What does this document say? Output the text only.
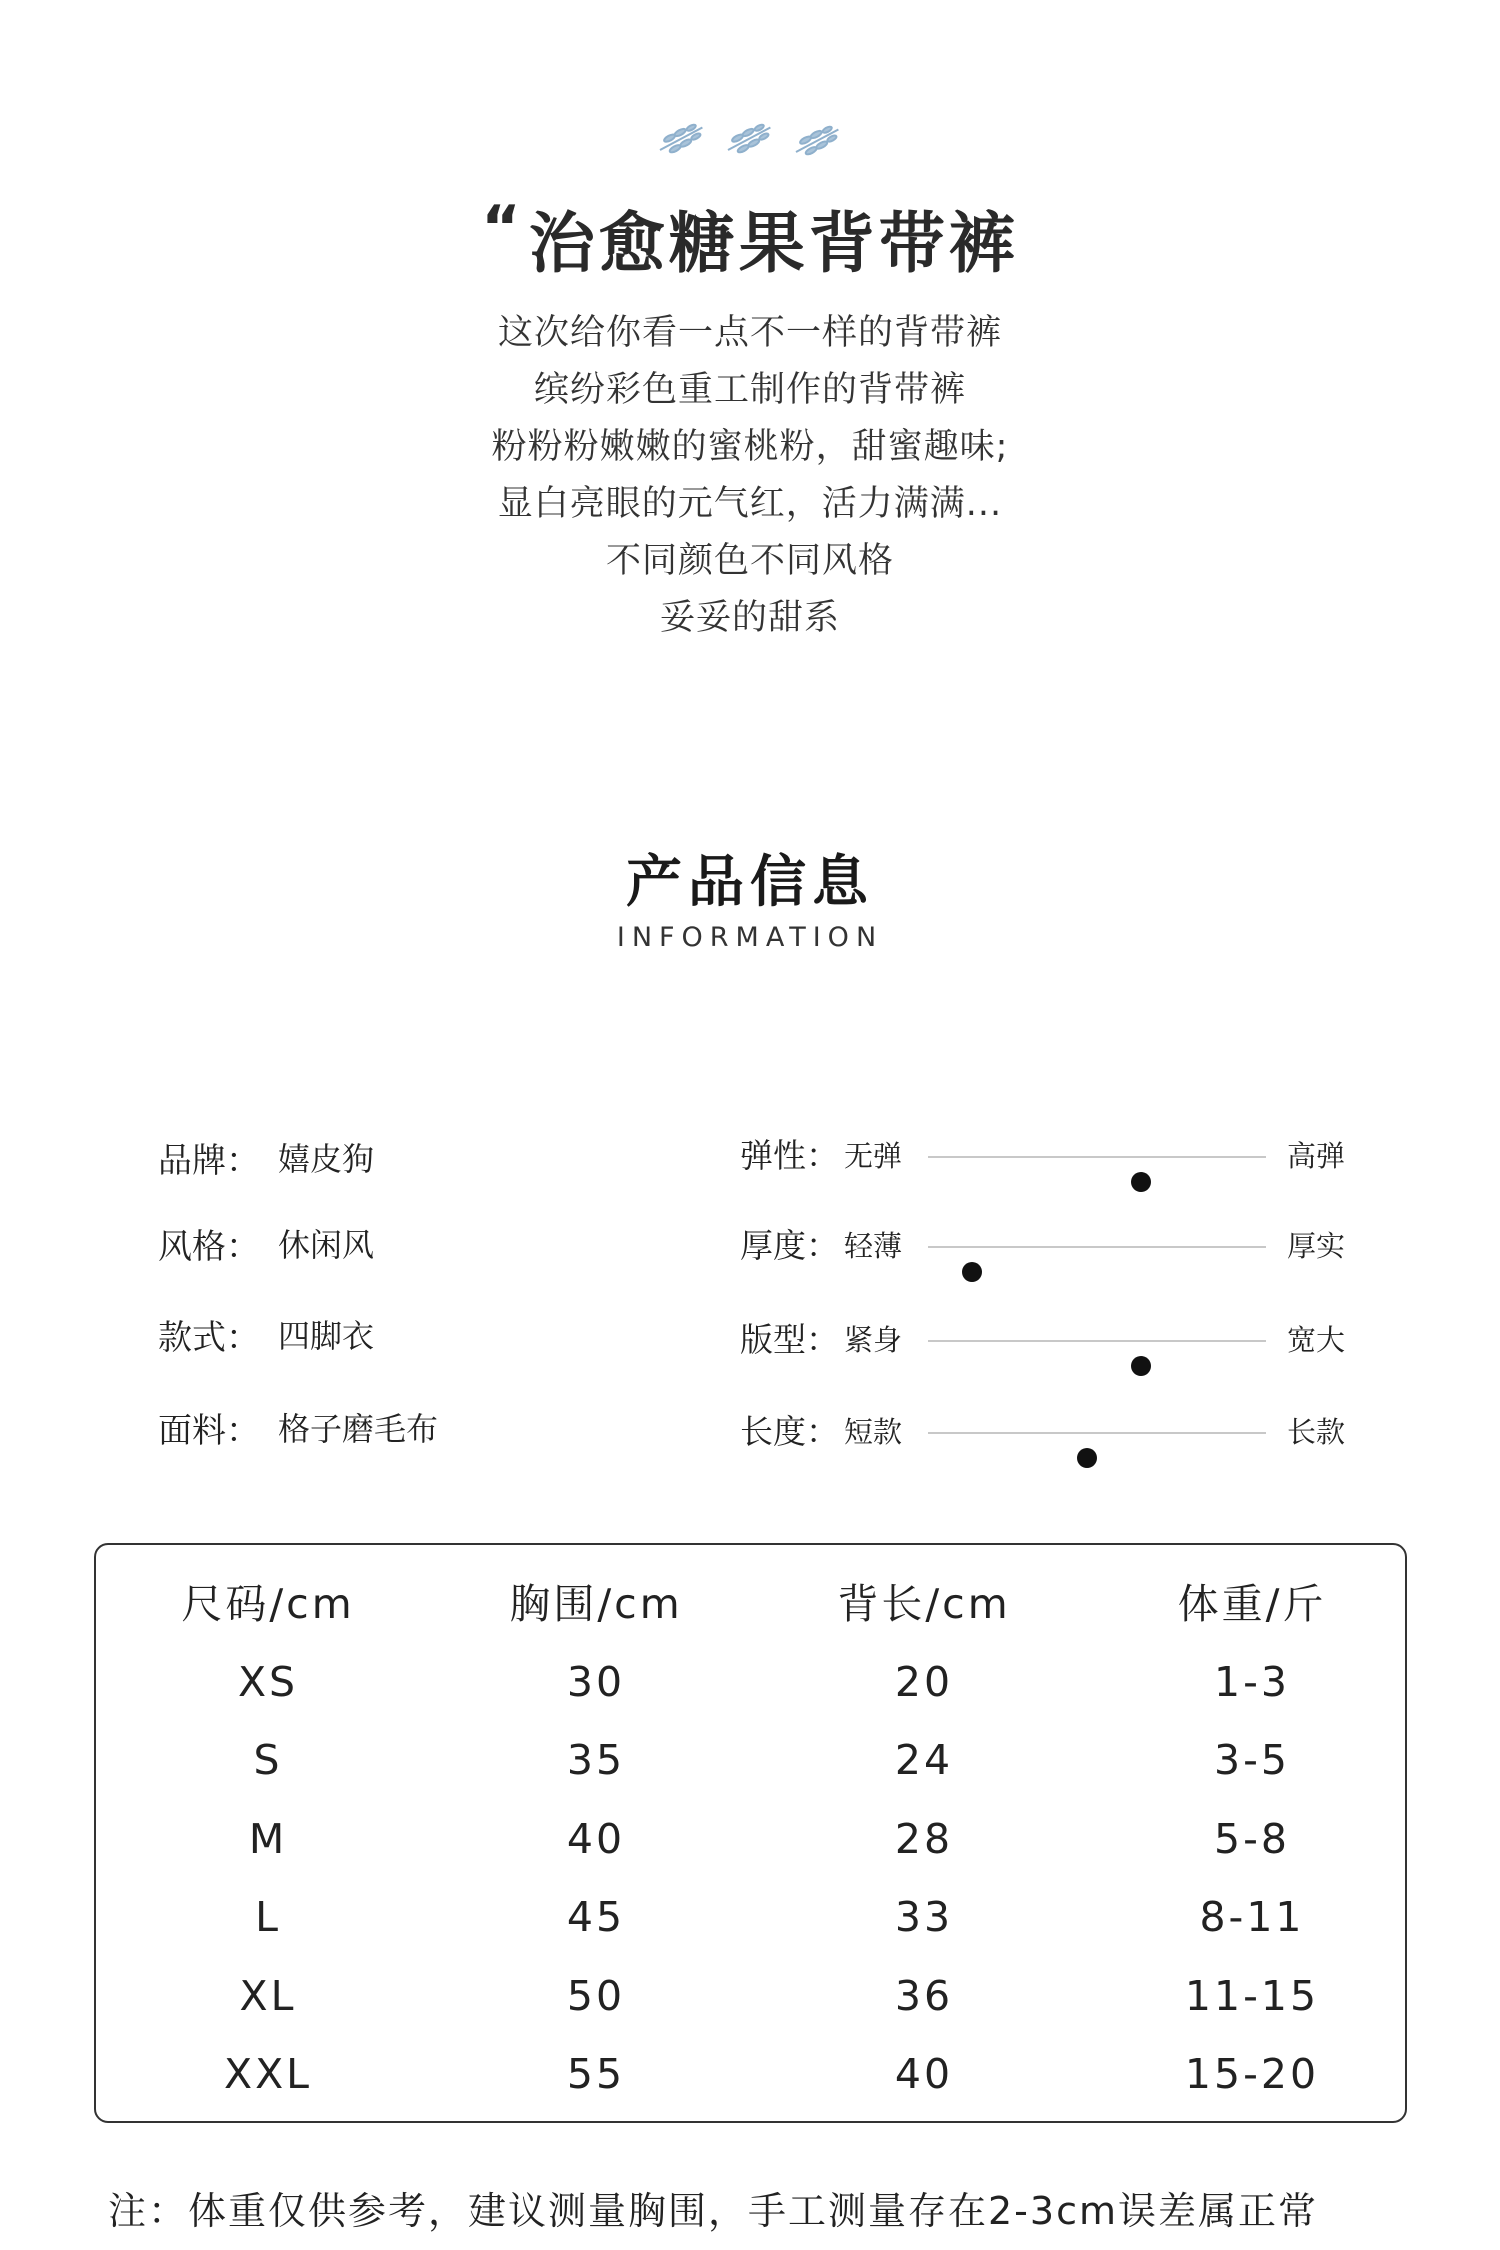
“治愈糖果背带裤
这次给你看一点不一样的背带裤
缤纷彩色重工制作的背带裤
粉粉粉嫩嫩的蜜桃粉，甜蜜趣味;
显白亮眼的元气红，活力满满...
不同颜色不同风格
妥妥的甜系
产品信息
INFORMATION
品牌： 嬉皮狗
风格： 休闲风
款式： 四脚衣
面料： 格子磨毛布
弹性： 无弹	高弹
厚度： 轻薄	厚实
版型： 紧身	宽大
长度： 短款	长款
尺码/cm	胸围/cm	背长/cm	体重/斤
XS	30	20	1-3
S	35	24	3-5
M	40	28	5-8
L	45	33	8-11
XL	50	36	11-15
XXL	55	40	15-20
注：体重仅供参考，建议测量胸围，手工测量存在2-3cm误差属正常
